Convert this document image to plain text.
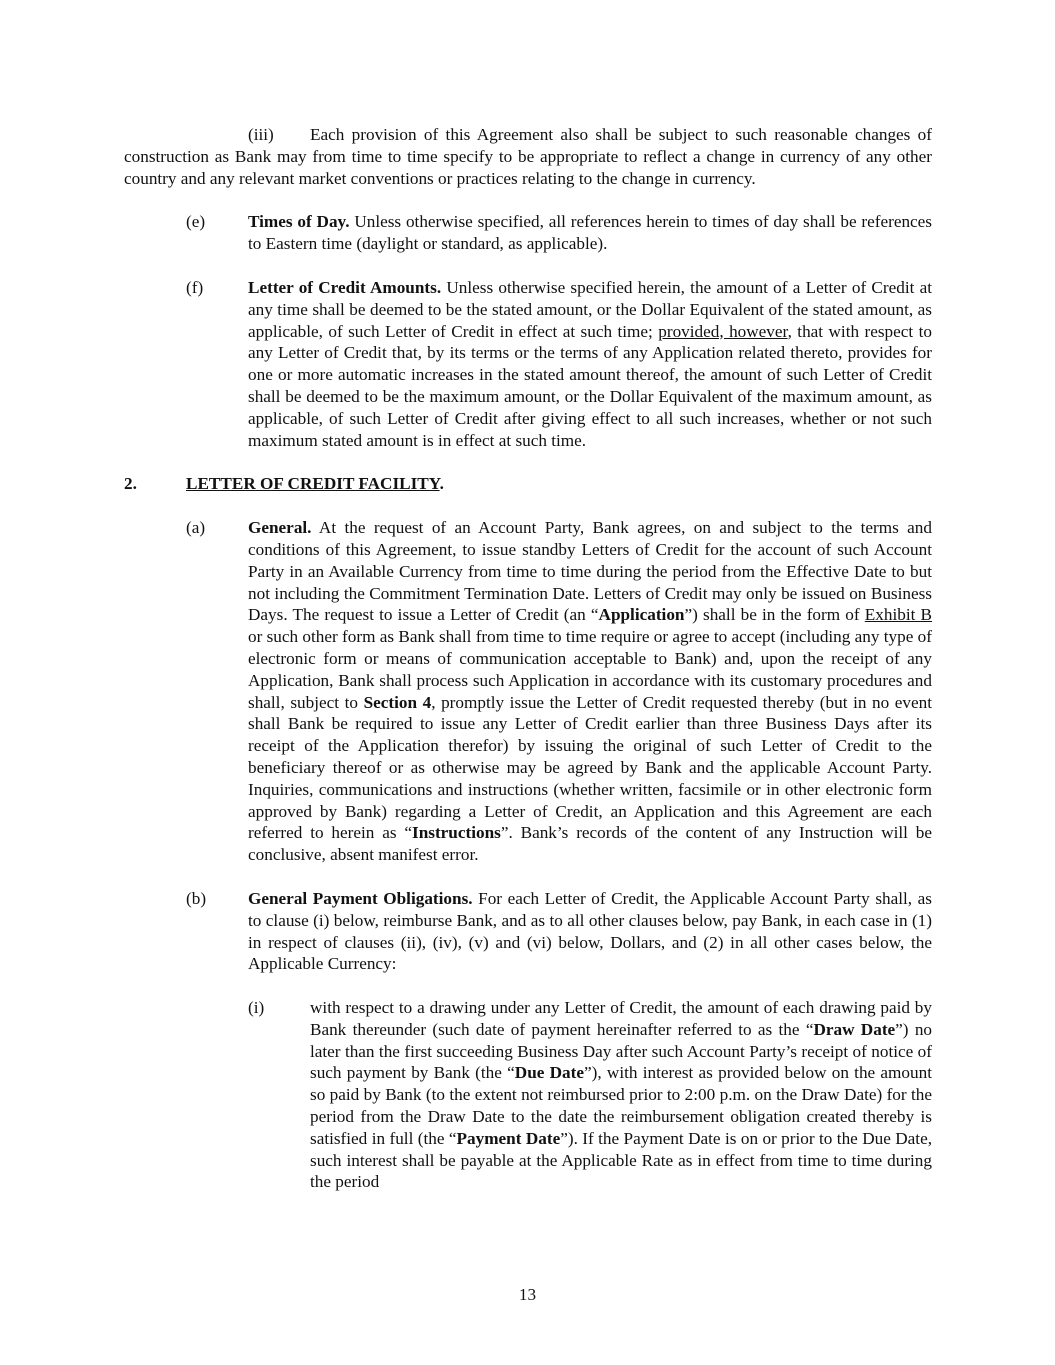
(iii) Each provision of this Agreement also shall be subject to such reasonable changes of construction as Bank may from time to time specify to be appropriate to reflect a change in currency of any other country and any relevant market conventions or practices relating to the change in currency.

(e) Times of Day. Unless otherwise specified, all references herein to times of day shall be references to Eastern time (daylight or standard, as applicable).

(f)	Letter of Credit Amounts. Unless otherwise specified herein, the amount of a Letter of Credit at any time shall be deemed to be the stated amount, or the Dollar Equivalent of the stated amount, as applicable, of such Letter of Credit in effect at such time; provided, however, that with respect to any Letter of Credit that, by its terms or the terms of any Application related thereto, provides for one or more automatic increases in the stated amount thereof, the amount of such Letter of Credit shall be deemed to be the maximum amount, or the Dollar Equivalent of the maximum amount, as applicable, of such Letter of Credit after giving effect to all such increases, whether or not such maximum stated amount is in effect at such time.

2.	LETTER OF CREDIT FACILITY.
(a) General. At the request of an Account Party, Bank agrees, on and subject to the terms and conditions of this Agreement, to issue standby Letters of Credit for the account of such Account Party in an Available Currency from time to time during the period from the Effective Date to but not including the Commitment Termination Date. Letters of Credit may only be issued on Business Days. The request to issue a Letter of Credit (an “Application”) shall be in the form of Exhibit B or such other form as Bank shall from time to time require or agree to accept (including any type of electronic form or means of communication acceptable to Bank) and, upon the receipt of any Application, Bank shall process such Application in accordance with its customary procedures and shall, subject to Section 4, promptly issue the Letter of Credit requested thereby (but in no event shall Bank be required to issue any Letter of Credit earlier than three Business Days after its receipt of the Application therefor) by issuing the original of such Letter of Credit to the beneficiary thereof or as otherwise may be agreed by Bank and the applicable Account Party. Inquiries, communications and instructions (whether written, facsimile or in other electronic form approved by Bank) regarding a Letter of Credit, an Application and this Agreement are each referred to herein as “Instructions”. Bank’s records of the content of any Instruction will be conclusive, absent manifest error.

(b) General Payment Obligations. For each Letter of Credit, the Applicable Account Party shall, as to clause (i) below, reimburse Bank, and as to all other clauses below, pay Bank, in each case in (1) in respect of clauses (ii), (iv), (v) and (vi) below, Dollars, and (2) in all other cases below, the Applicable Currency:

(i)	with respect to a drawing under any Letter of Credit, the amount of each drawing paid by Bank thereunder (such date of payment hereinafter referred to as the “Draw Date”) no later than the first succeeding Business Day after such Account Party’s receipt of notice of such payment by Bank (the “Due Date”), with interest as provided below on the amount so paid by Bank (to the extent not reimbursed prior to 2:00 p.m. on the Draw Date) for the period from the Draw Date to the date the reimbursement obligation created thereby is satisfied in full (the “Payment Date”). If the Payment Date is on or prior to the Due Date, such interest shall be payable at the Applicable Rate as in effect from time to time during the period

13
